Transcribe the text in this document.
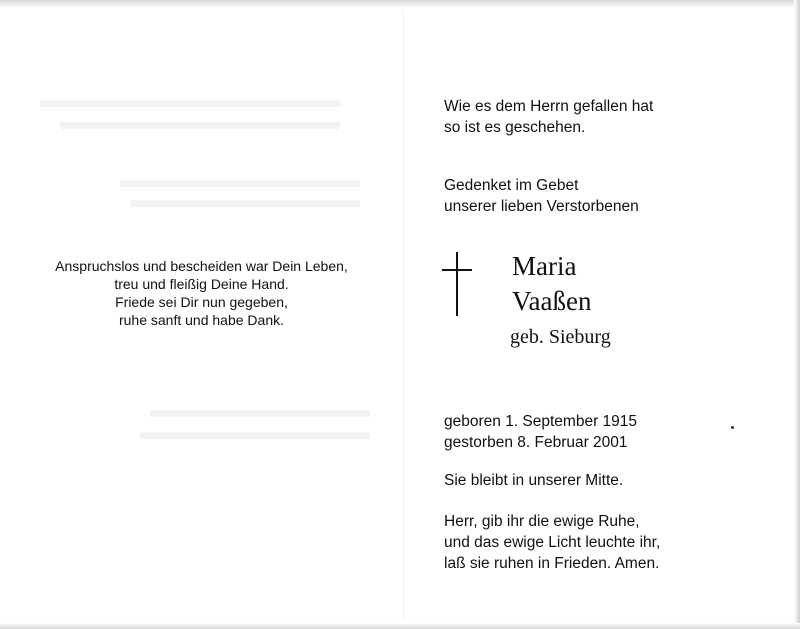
Anspruchslos und bescheiden war Dein Leben,
treu und fleißig Deine Hand.
Friede sei Dir nun gegeben,
ruhe sanft und habe Dank.
Wie es dem Herrn gefallen hat
so ist es geschehen.
Gedenket im Gebet
unserer lieben Verstorbenen
Maria
Vaaßen
geb. Sieburg
geboren 1. September 1915
gestorben 8. Februar 2001
Sie bleibt in unserer Mitte.
Herr, gib ihr die ewige Ruhe,
und das ewige Licht leuchte ihr,
laß sie ruhen in Frieden. Amen.
